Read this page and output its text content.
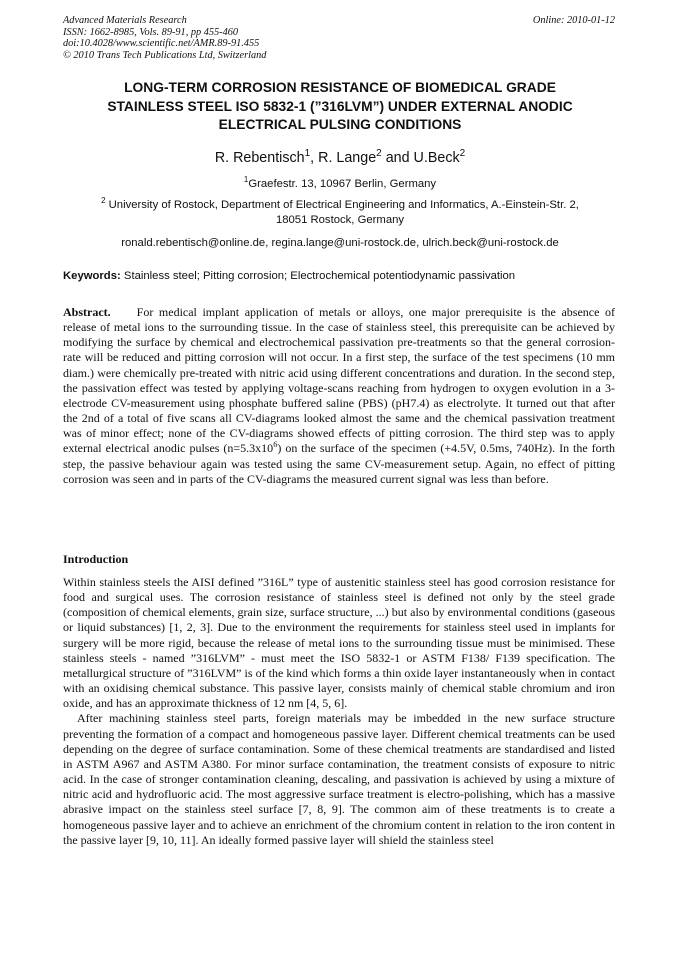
Advanced Materials Research
ISSN: 1662-8985, Vols. 89-91, pp 455-460
doi:10.4028/www.scientific.net/AMR.89-91.455
© 2010 Trans Tech Publications Ltd, Switzerland
Online: 2010-01-12
LONG-TERM CORROSION RESISTANCE OF BIOMEDICAL GRADE
STAINLESS STEEL ISO 5832-1 (”316LVM”) UNDER EXTERNAL ANODIC
ELECTRICAL PULSING CONDITIONS
R. Rebentisch$^1$, R. Lange$^2$ and U.Beck$^2$
$^1$Graefestr. 13, 10967 Berlin, Germany
$^2$ University of Rostock, Department of Electrical Engineering and Informatics, A.-Einstein-Str. 2,
18051 Rostock, Germany
ronald.rebentisch@online.de, regina.lange@uni-rostock.de, ulrich.beck@uni-rostock.de
Keywords: Stainless steel; Pitting corrosion; Electrochemical potentiodynamic passivation
Abstract. For medical implant application of metals or alloys, one major prerequisite is the absence of release of metal ions to the surrounding tissue. In the case of stainless steel, this prerequisite can be achieved by modifying the surface by chemical and electrochemical passivation pre-treatments so that the general corrosion-rate will be reduced and pitting corrosion will not occur. In a first step, the surface of the test specimens (10 mm diam.) were chemically pre-treated with nitric acid using different concentrations and duration. In the second step, the passivation effect was tested by applying voltage-scans reaching from hydrogen to oxygen evolution in a 3-electrode CV-measurement using phosphate buffered saline (PBS) (pH7.4) as electrolyte. It turned out that after the 2nd of a total of five scans all CV-diagrams looked almost the same and the chemical passivation treatment was of minor effect; none of the CV-diagrams showed effects of pitting corrosion. The third step was to apply external electrical anodic pulses $(n=5.3x10^6)$ on the surface of the specimen (+4.5V, 0.5ms, 740Hz). In the forth step, the passive behaviour again was tested using the same CV-measurement setup. Again, no effect of pitting corrosion was seen and in parts of the CV-diagrams the measured current signal was less than before.
Introduction

Within stainless steels the AISI defined ”316L” type of austenitic stainless steel has good corrosion resistance for food and surgical uses. The corrosion resistance of stainless steel is defined not only by the steel grade (composition of chemical elements, grain size, surface structure, ...) but also by environmental conditions (gaseous or liquid substances) [1, 2, 3]. Due to the environment the requirements for stainless steel used in implants for surgery will be more rigid, because the release of metal ions to the surrounding tissue must be minimised. These stainless steels - named ”316LVM” - must meet the ISO 5832-1 or ASTM F138/ F139 specification. The metallurgical structure of ”316LVM” is of the kind which forms a thin oxide layer instantaneously when in contact with an oxidising chemical substance. This passive layer, consists mainly of chemical stable chromium and iron oxide, and has an approximate thickness of 12 nm [4, 5, 6].

After machining stainless steel parts, foreign materials may be imbedded in the new surface structure preventing the formation of a compact and homogeneous passive layer. Different chemical treatments can be used depending on the degree of surface contamination. Some of these chemical treatments are standardised and listed in ASTM A967 and ASTM A380. For minor surface contamination, the treatment consists of exposure to nitric acid. In the case of stronger contamination cleaning, descaling, and passivation is achieved by using a mixture of nitric acid and hydrofluoric acid. The most aggressive surface treatment is electro-polishing, which has a massive abrasive impact on the stainless steel surface [7, 8, 9]. The common aim of these treatments is to create a homogeneous passive layer and to achieve an enrichment of the chromium content in relation to the iron content in the passive layer [9, 10, 11]. An ideally formed passive layer will shield the stainless steel
